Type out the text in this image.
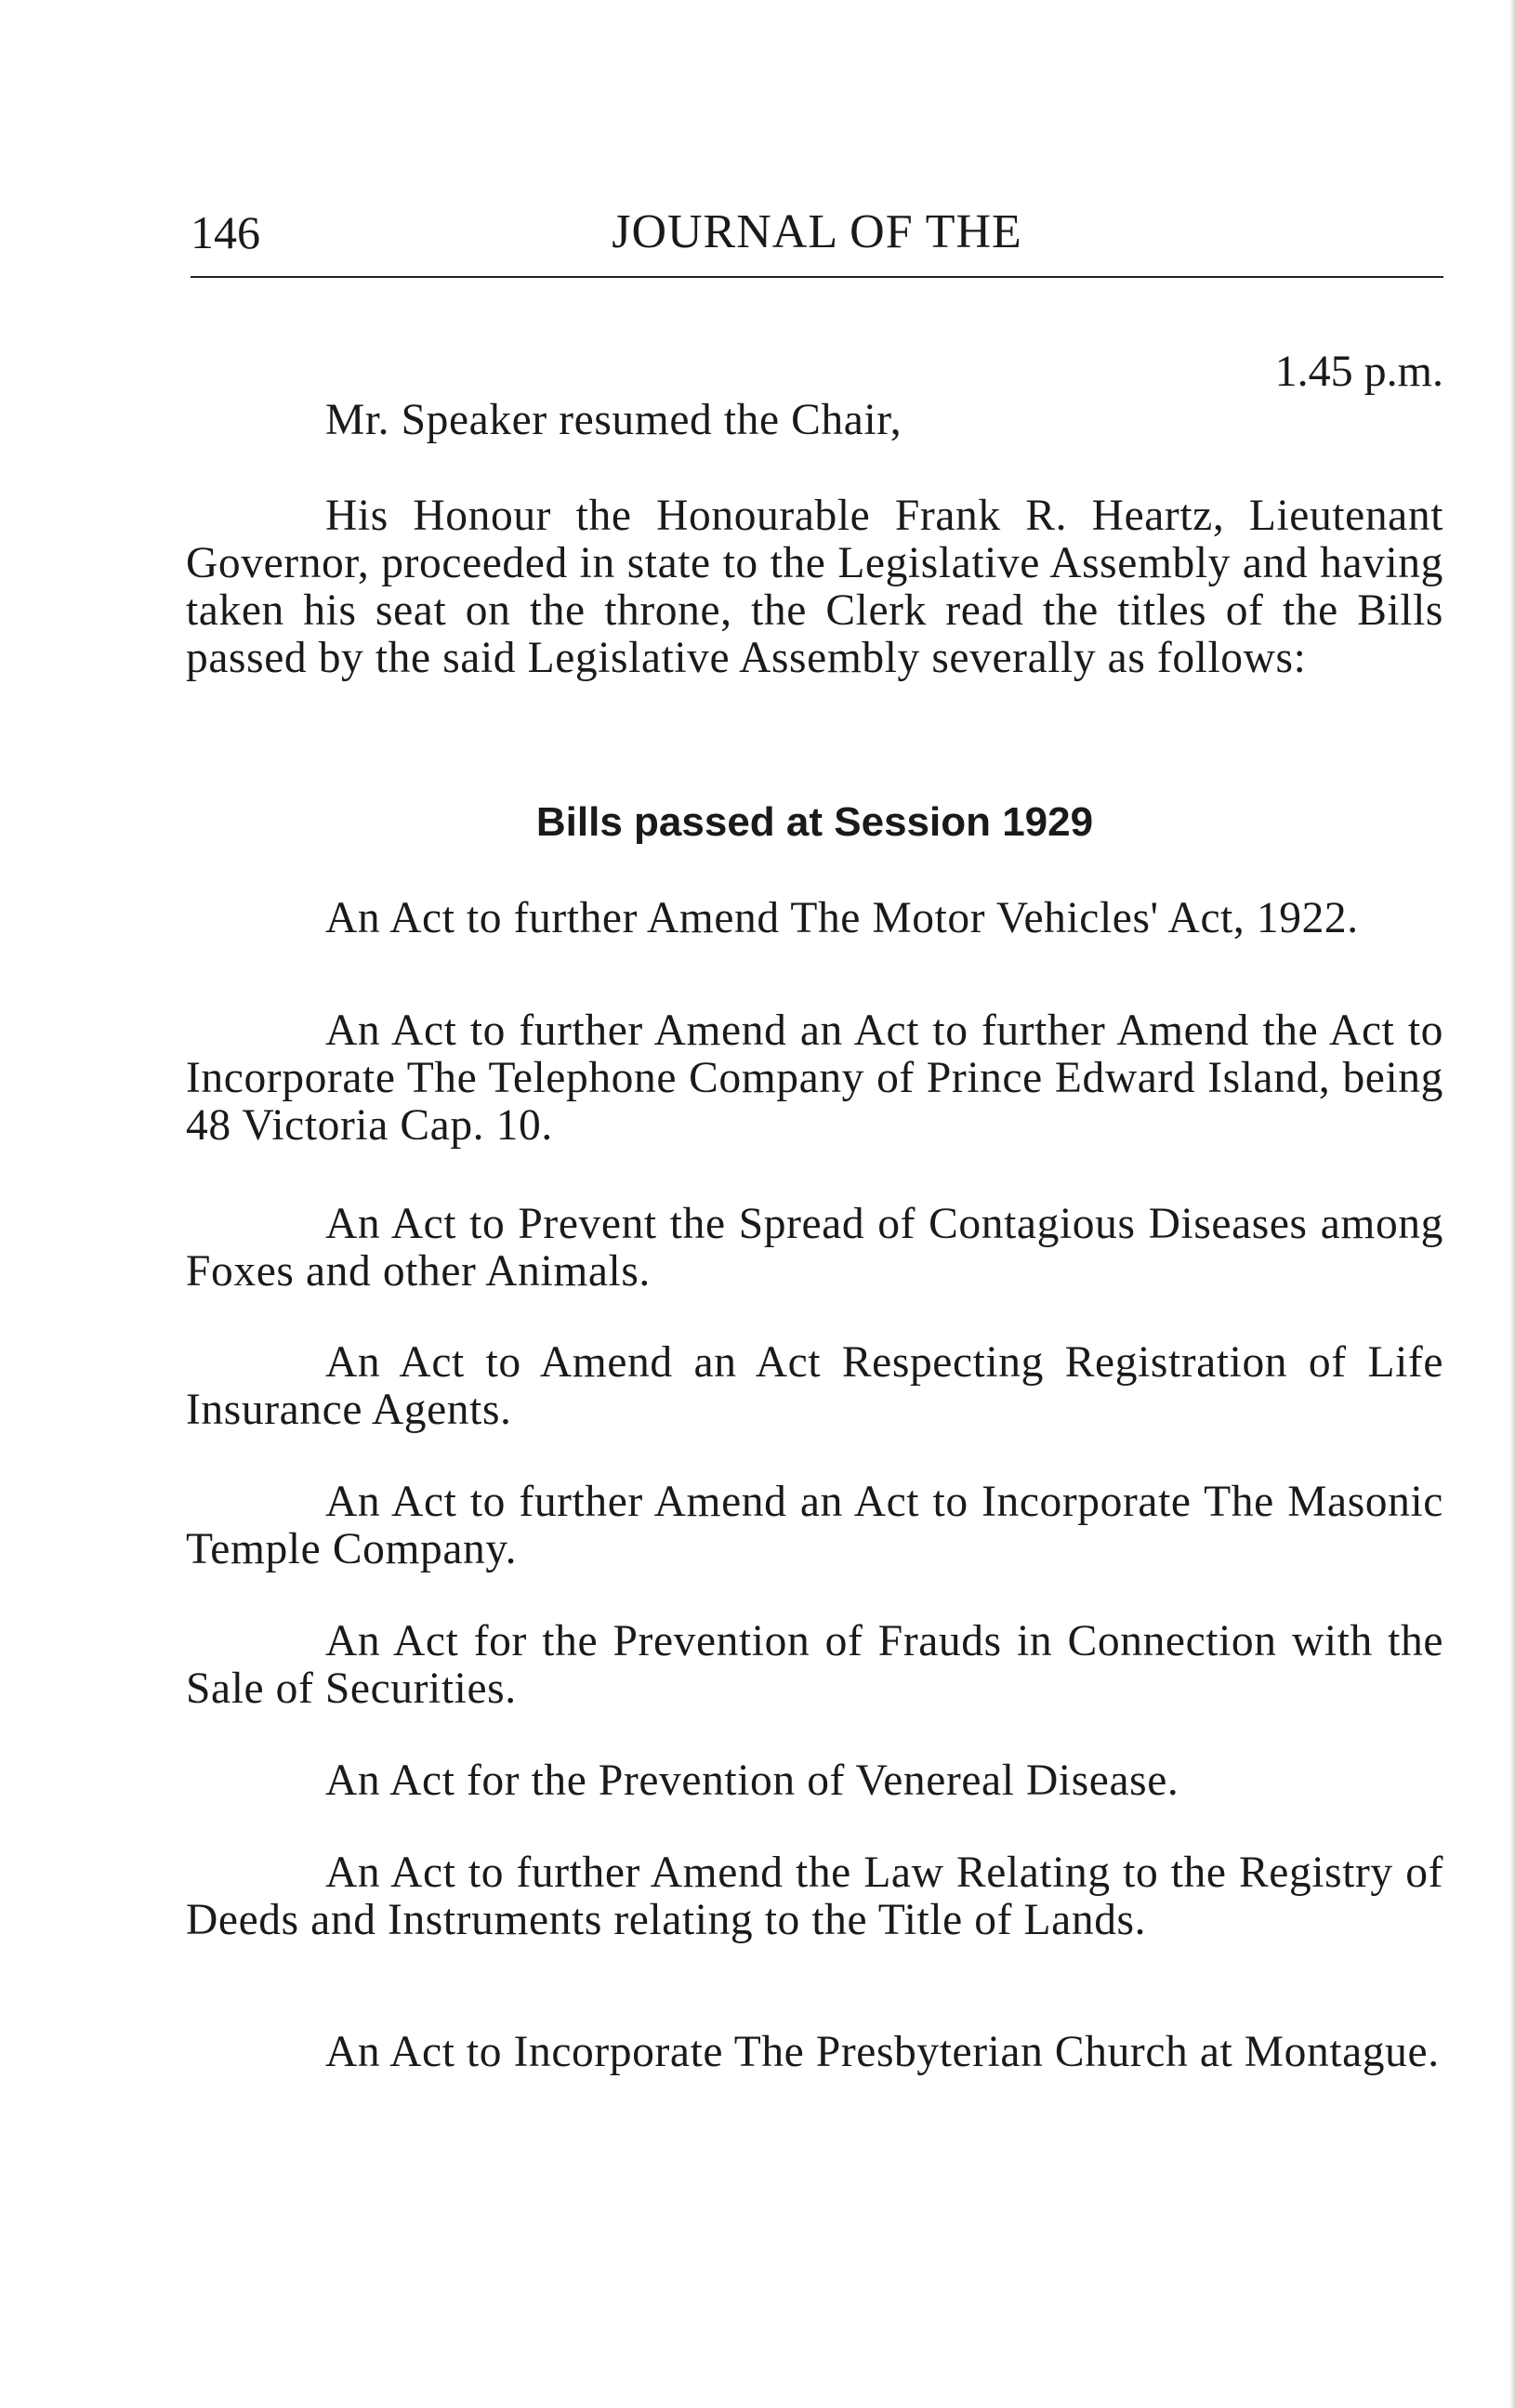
JOURNAL OF THE
146
1.45 p.m.

Mr. Speaker resumed the Chair,

His Honour the Honourable Frank R. Heartz, Lieutenant Governor, proceeded in state to the Legislative Assembly and having taken his seat on the throne, the Clerk read the titles of the Bills passed by the said Legislative Assembly severally as follows:

Bills passed at Session 1929

An Act to further Amend The Motor Vehicles' Act, 1922.

An Act to further Amend an Act to further Amend the Act to Incorporate The Telephone Company of Prince Edward Island, being 48 Victoria Cap. 10.

An Act to Prevent the Spread of Contagious Diseases among Foxes and other Animals.

An Act to Amend an Act Respecting Registration of Life Insurance Agents.

An Act to further Amend an Act to Incorporate The Masonic Temple Company.

An Act for the Prevention of Frauds in Connection with the Sale of Securities.

An Act for the Prevention of Venereal Disease.

An Act to further Amend the Law Relating to the Registry of Deeds and Instruments relating to the Title of Lands.

An Act to Incorporate The Presbyterian Church at Montague.
